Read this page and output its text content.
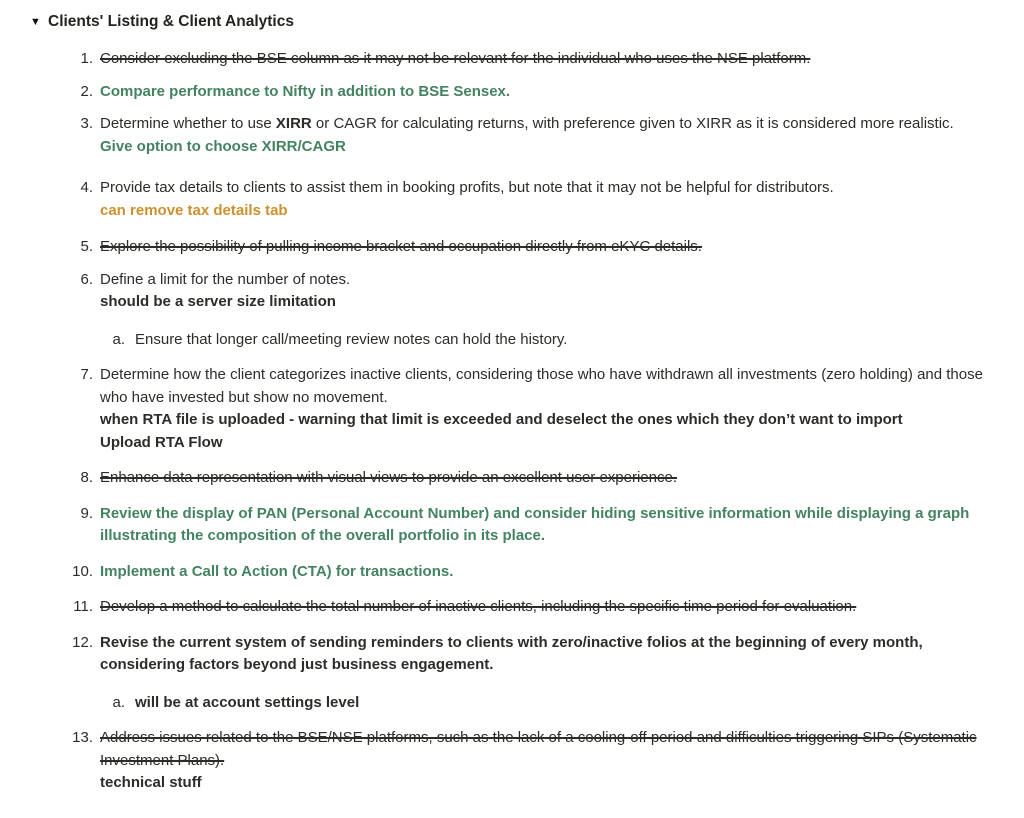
▼ Clients' Listing & Client Analytics
1. Consider excluding the BSE column as it may not be relevant for the individual who uses the NSE platform.
2. Compare performance to Nifty in addition to BSE Sensex.
3. Determine whether to use XIRR or CAGR for calculating returns, with preference given to XIRR as it is considered more realistic.
Give option to choose XIRR/CAGR
4. Provide tax details to clients to assist them in booking profits, but note that it may not be helpful for distributors.
can remove tax details tab
5. Explore the possibility of pulling income bracket and occupation directly from eKYC details.
6. Define a limit for the number of notes.
should be a server size limitation
a. Ensure that longer call/meeting review notes can hold the history.
7. Determine how the client categorizes inactive clients, considering those who have withdrawn all investments (zero holding) and those who have invested but show no movement.
when RTA file is uploaded - warning that limit is exceeded and deselect the ones which they don’t want to import
Upload RTA Flow
8. Enhance data representation with visual views to provide an excellent user experience.
9. Review the display of PAN (Personal Account Number) and consider hiding sensitive information while displaying a graph illustrating the composition of the overall portfolio in its place.
10. Implement a Call to Action (CTA) for transactions.
11. Develop a method to calculate the total number of inactive clients, including the specific time period for evaluation.
12. Revise the current system of sending reminders to clients with zero/inactive folios at the beginning of every month, considering factors beyond just business engagement.
a. will be at account settings level
13. Address issues related to the BSE/NSE platforms, such as the lack of a cooling-off period and difficulties triggering SIPs (Systematic Investment Plans).
technical stuff
